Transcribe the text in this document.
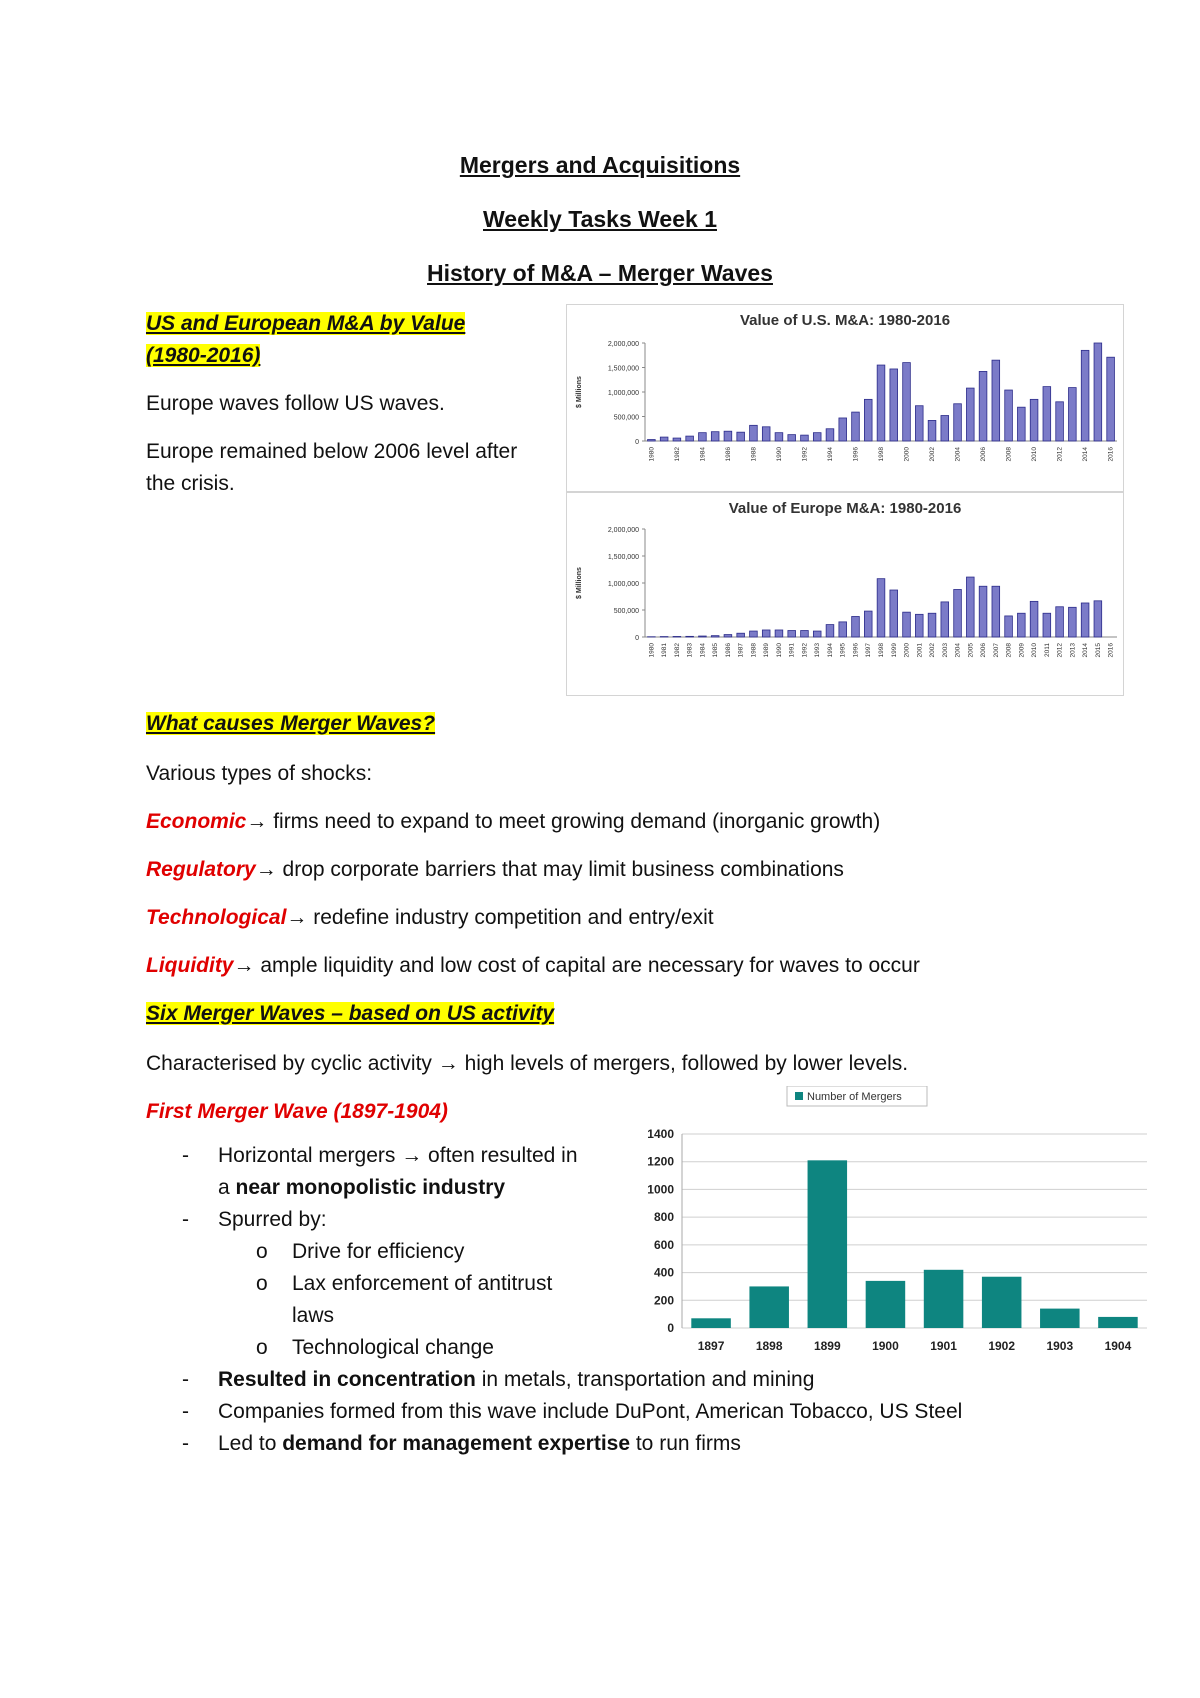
Mergers and Acquisitions
Weekly Tasks Week 1
History of M&A – Merger Waves
US and European M&A by Value
(1980-2016)
Europe waves follow US waves.
Europe remained below 2006 level after
the crisis.
Value of U.S. M&A: 1980-2016
0
500,000
1,000,000
1,500,000
2,000,000
$ Millions
1980	1982	1984	1986	1988	1990	1992	1994	1996	1998	2000	2002	2004	2006	2008	2010	2012	2014	2016
Value of Europe M&A: 1980-2016
0
500,000
1,000,000
1,500,000
2,000,000
$ Millions
1980 1981 1982 1983 1984 1985 1986 1987 1988 1989 1990 1991 1992 1993 1994 1995 1996 1997 1998 1999 2000 2001 2002 2003 2004 2005 2006 2007 2008 2009 2010 2011 2012 2013 2014 2015 2016
What causes Merger Waves?
Various types of shocks:
Economic→ firms need to expand to meet growing demand (inorganic growth)
Regulatory→ drop corporate barriers that may limit business combinations
Technological→ redefine industry competition and entry/exit
Liquidity→ ample liquidity and low cost of capital are necessary for waves to occur
Six Merger Waves – based on US activity
Characterised by cyclic activity → high levels of mergers, followed by lower levels.
First Merger Wave (1897-1904)
- Horizontal mergers → often resulted in
a near monopolistic industry
- Spurred by:
o Drive for efficiency
o Lax enforcement of antitrust
laws
o Technological change
- Resulted in concentration in metals, transportation and mining
- Companies formed from this wave include DuPont, American Tobacco, US Steel
- Led to demand for management expertise to run firms
Number of Mergers
0
200
400
600
800
1000
1200
1400
1897	1898	1899	1900	1901	1902	1903	1904
